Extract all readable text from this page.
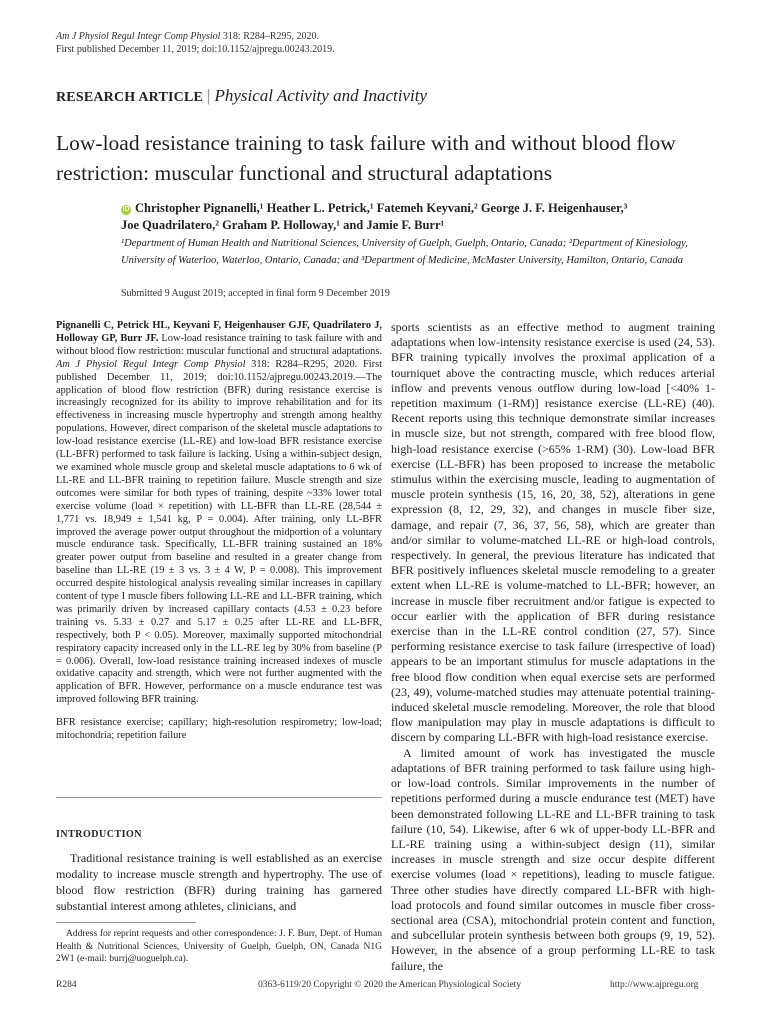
Am J Physiol Regul Integr Comp Physiol 318: R284–R295, 2020.
First published December 11, 2019; doi:10.1152/ajpregu.00243.2019.
RESEARCH ARTICLE | Physical Activity and Inactivity
Low-load resistance training to task failure with and without blood flow restriction: muscular functional and structural adaptations
iD Christopher Pignanelli,¹ Heather L. Petrick,¹ Fatemeh Keyvani,² George J. F. Heigenhauser,³
Joe Quadrilatero,² Graham P. Holloway,¹ and Jamie F. Burr¹
¹Department of Human Health and Nutritional Sciences, University of Guelph, Guelph, Ontario, Canada; ²Department of Kinesiology, University of Waterloo, Waterloo, Ontario, Canada; and ³Department of Medicine, McMaster University, Hamilton, Ontario, Canada
Submitted 9 August 2019; accepted in final form 9 December 2019
Pignanelli C, Petrick HL, Keyvani F, Heigenhauser GJF, Quadrilatero J, Holloway GP, Burr JF. Low-load resistance training to task failure with and without blood flow restriction: muscular functional and structural adaptations. Am J Physiol Regul Integr Comp Physiol 318: R284–R295, 2020. First published December 11, 2019; doi:10.1152/ajpregu.00243.2019.—The application of blood flow restriction (BFR) during resistance exercise is increasingly recognized for its ability to improve rehabilitation and for its effectiveness in increasing muscle hypertrophy and strength among healthy populations. However, direct comparison of the skeletal muscle adaptations to low-load resistance exercise (LL-RE) and low-load BFR resistance exercise (LL-BFR) performed to task failure is lacking. Using a within-subject design, we examined whole muscle group and skeletal muscle adaptations to 6 wk of LL-RE and LL-BFR training to repetition failure. Muscle strength and size outcomes were similar for both types of training, despite ~33% lower total exercise volume (load × repetition) with LL-BFR than LL-RE (28,544 ± 1,771 vs. 18,949 ± 1,541 kg, P = 0.004). After training, only LL-BFR improved the average power output throughout the midportion of a voluntary muscle endurance task. Specifically, LL-BFR training sustained an 18% greater power output from baseline and resulted in a greater change from baseline than LL-RE (19 ± 3 vs. 3 ± 4 W, P = 0.008). This improvement occurred despite histological analysis revealing similar increases in capillary content of type I muscle fibers following LL-RE and LL-BFR training, which was primarily driven by increased capillary contacts (4.53 ± 0.23 before training vs. 5.33 ± 0.27 and 5.17 ± 0.25 after LL-RE and LL-BFR, respectively, both P < 0.05). Moreover, maximally supported mitochondrial respiratory capacity increased only in the LL-RE leg by 30% from baseline (P = 0.006). Overall, low-load resistance training increased indexes of muscle oxidative capacity and strength, which were not further augmented with the application of BFR. However, performance on a muscle endurance test was improved following BFR training.
BFR resistance exercise; capillary; high-resolution respirometry; low-load; mitochondria; repetition failure
INTRODUCTION
Traditional resistance training is well established as an exercise modality to increase muscle strength and hypertrophy. The use of blood flow restriction (BFR) during training has garnered substantial interest among athletes, clinicians, and
Address for reprint requests and other correspondence: J. F. Burr, Dept. of Human Health & Nutritional Sciences, University of Guelph, Guelph, ON, Canada N1G 2W1 (e-mail: burrj@uoguelph.ca).

sports scientists as an effective method to augment training adaptations when low-intensity resistance exercise is used (24, 53). BFR training typically involves the proximal application of a tourniquet above the contracting muscle, which reduces arterial inflow and prevents venous outflow during low-load [<40% 1-repetition maximum (1-RM)] resistance exercise (LL-RE) (40). Recent reports using this technique demonstrate similar increases in muscle size, but not strength, compared with free blood flow, high-load resistance exercise (>65% 1-RM) (30). Low-load BFR exercise (LL-BFR) has been proposed to increase the metabolic stimulus within the exercising muscle, leading to augmentation of muscle protein synthesis (15, 16, 20, 38, 52), alterations in gene expression (8, 12, 29, 32), and changes in muscle fiber size, damage, and repair (7, 36, 37, 56, 58), which are greater than and/or similar to volume-matched LL-RE or high-load controls, respectively. In general, the previous literature has indicated that BFR positively influences skeletal muscle remodeling to a greater extent when LL-RE is volume-matched to LL-BFR; however, an increase in muscle fiber recruitment and/or fatigue is expected to occur earlier with the application of BFR during resistance exercise than in the LL-RE control condition (27, 57). Since performing resistance exercise to task failure (irrespective of load) appears to be an important stimulus for muscle adaptations in the free blood flow condition when equal exercise sets are performed (23, 49), volume-matched studies may attenuate potential training-induced skeletal muscle remodeling. Moreover, the role that blood flow manipulation may play in muscle adaptations is difficult to discern by comparing LL-BFR with high-load resistance exercise.

A limited amount of work has investigated the muscle adaptations of BFR training performed to task failure using high- or low-load controls. Similar improvements in the number of repetitions performed during a muscle endurance test (MET) have been demonstrated following LL-RE and LL-BFR training to task failure (10, 54). Likewise, after 6 wk of upper-body LL-BFR and LL-RE training using a within-subject design (11), similar increases in muscle strength and size occur despite different exercise volumes (load × repetitions), leading to muscle fatigue. Three other studies have directly compared LL-BFR with high-load protocols and found similar outcomes in muscle fiber cross-sectional area (CSA), mitochondrial protein content and function, and subcellular protein synthesis between both groups (9, 19, 52). However, in the absence of a group performing LL-RE to task failure, the

R284	0363-6119/20 Copyright © 2020 the American Physiological Society	http://www.ajpregu.org
